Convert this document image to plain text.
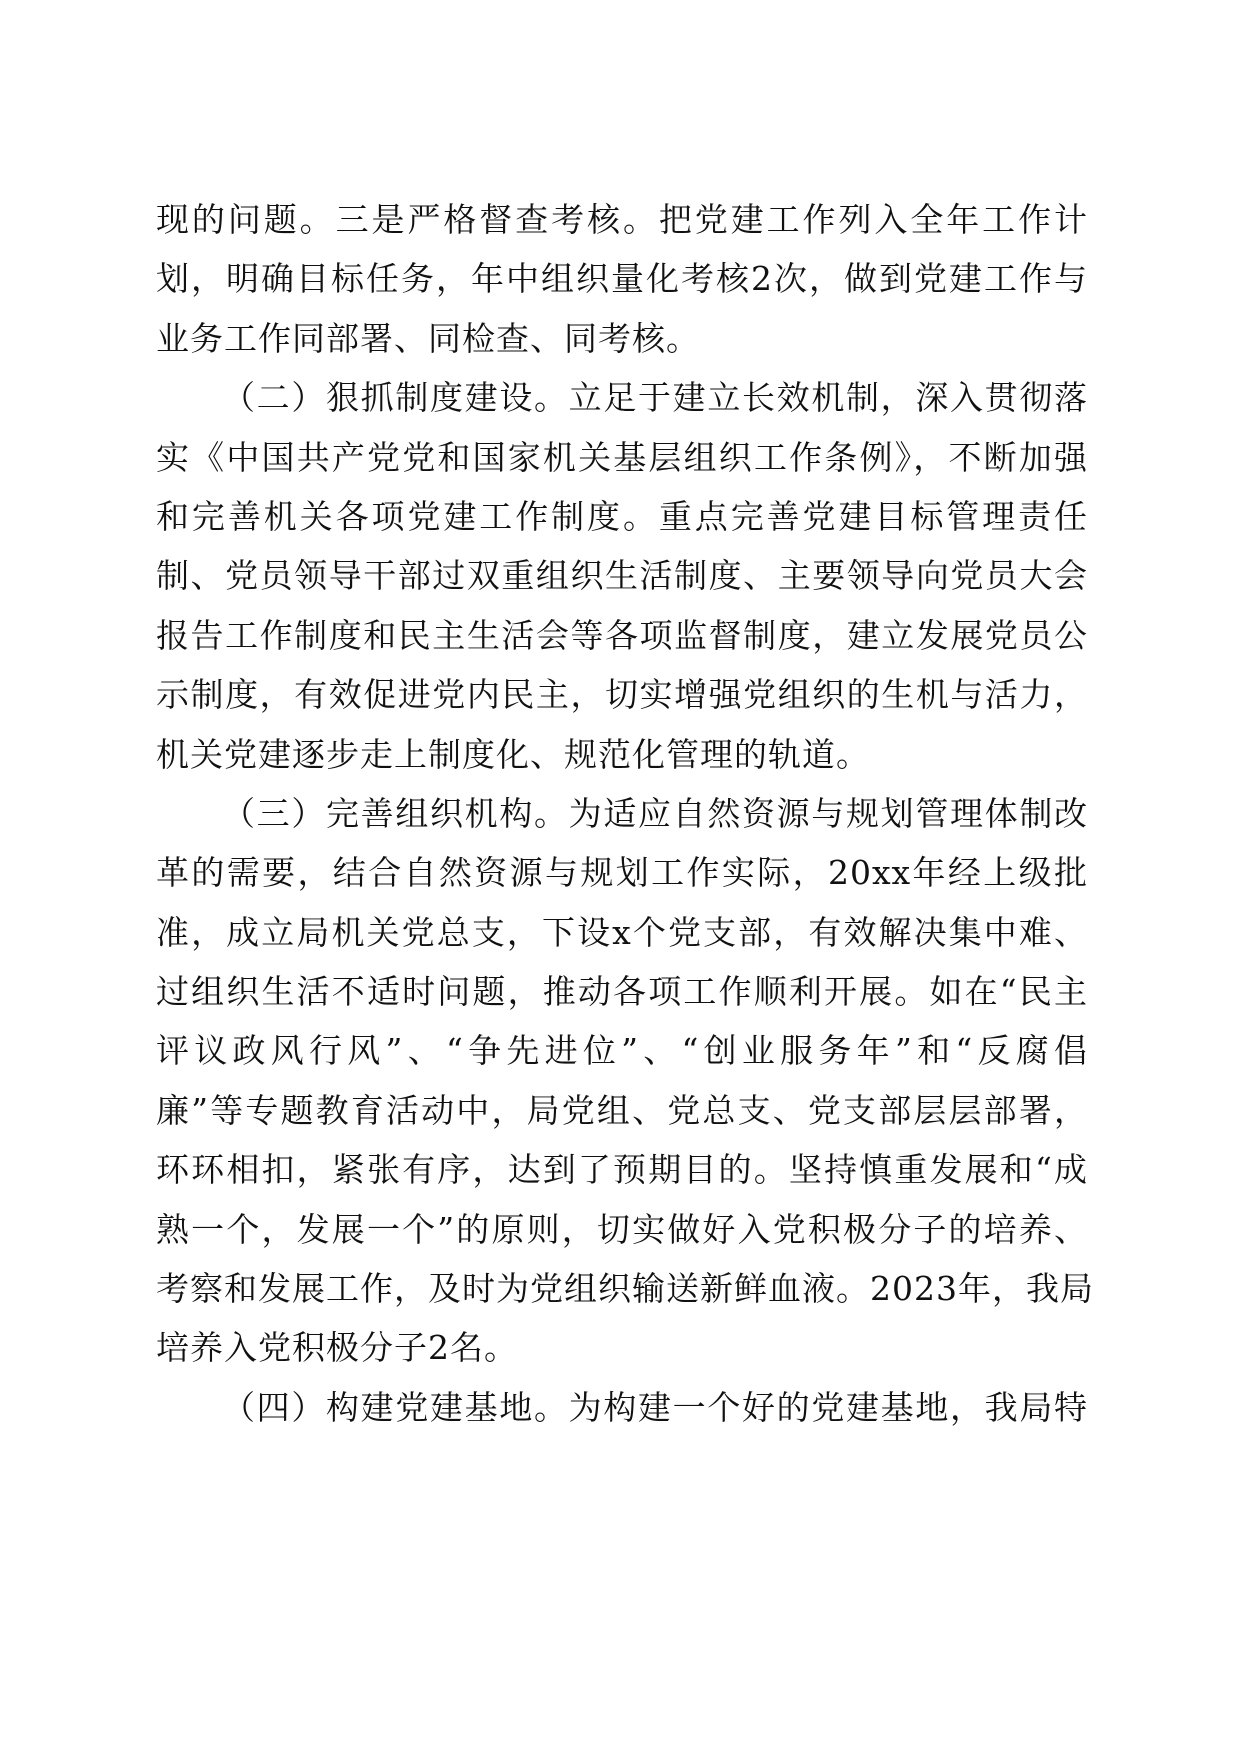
现的问题。三是严格督查考核。把党建工作列入全年工作计
划，明确目标任务，年中组织量化考核2次，做到党建工作与
业务工作同部署、同检查、同考核。
（二）狠抓制度建设。立足于建立长效机制，深入贯彻落
实《中国共产党党和国家机关基层组织工作条例》，不断加强
和完善机关各项党建工作制度。重点完善党建目标管理责任
制、党员领导干部过双重组织生活制度、主要领导向党员大会
报告工作制度和民主生活会等各项监督制度，建立发展党员公
示制度，有效促进党内民主，切实增强党组织的生机与活力，
机关党建逐步走上制度化、规范化管理的轨道。
（三）完善组织机构。为适应自然资源与规划管理体制改
革的需要，结合自然资源与规划工作实际，20xx年经上级批
准，成立局机关党总支，下设x个党支部，有效解决集中难、
过组织生活不适时问题，推动各项工作顺利开展。如在“民主
评议政风行风”、“争先进位”、“创业服务年”和“反腐倡
廉”等专题教育活动中，局党组、党总支、党支部层层部署，
环环相扣，紧张有序，达到了预期目的。坚持慎重发展和“成
熟一个，发展一个”的原则，切实做好入党积极分子的培养、
考察和发展工作，及时为党组织输送新鲜血液。2023年，我局
培养入党积极分子2名。
（四）构建党建基地。为构建一个好的党建基地，我局特
